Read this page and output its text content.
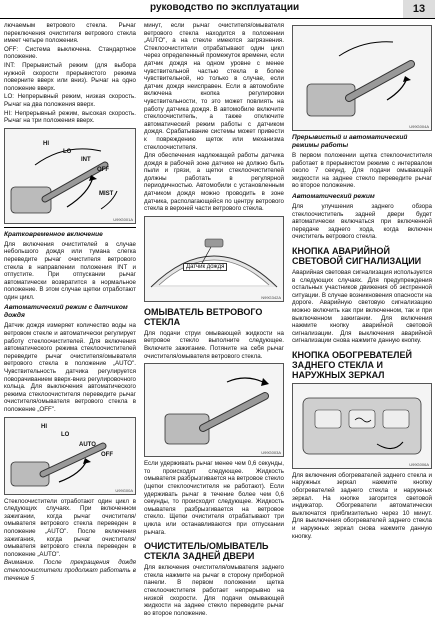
руководство по эксплуатации	13

лючаемым ветрового стекла. Рычаг переключения очистителя ветрового стекла имеет четыре положения.

OFF: Система выключена. Стандартное положение.

INT: Прерывистый режим (для выбора нужной скорости прерывистого режима поверните вверх или вниз). Рычаг на одно положение вверх.

LO: Непрерывный режим, низкая скорость. Рычаг на два положения вверх.

HI: Непрерывный режим, высокая скорость. Рычаг на три положения вверх.

HI
LO
INT
OFF
MIST
U99G001A
Кратковременное включение

Для включения очистителей в случае небольшого дождя или тумана слегка переведите рычаг очистителя ветрового стекла в направлении положения INT и отпустите. При отпускании рычаг автоматически возвратится в нормальное положение. В этом случае щетки отработают один цикл.

Автоматический режим с датчиком дождя

Датчик дождя измеряет количество воды на ветровом стекле и автоматически регулирует работу стеклоочистителей. Для включения автоматического режима стеклоочистителей переведите рычаг очистителя/омывателя ветрового стекла в положение „AUTO". Чувствительность датчика регулируется поворачиванием вверх-вниз регулировочного кольца. Для выключения автоматического режима стеклоочистителя переведите рычаг очистителя/омывателя ветрового стекла в положение „OFF".

HI
LO
AUTO
OFF
U99G00A

Стеклоочистители отработают один цикл в следующих случаях. При включенном зажигании, когда рычаг очистителя/омывателя ветрового стекла переведен в положение „AUTO". После включения зажигания, когда рычаг очистителя/омывателя ветрового стекла переведен в положение „AUTO".

Внимание. После прекращения дождя стеклоочистители продолжат работать в течение 5

минут, если рычаг очистителя/омывателя ветрового стекла находится в положении „AUTO", а на стекле имеются загрязнения. Стеклоочистители отрабатывают один цикл через определенный промежуток времени, если датчик дождя на одном уровне с менее чувствительной частью стекла в более чувствительной, но только в случае, если датчик дождя неисправен. Если в автомобиле включена кнопка регулировки чувствительности, то это может повлиять на работу датчика дождя. В автомобиле включите стеклоочиститель, а также отключите автоматический режим работы с датчиком дождя. Срабатывание системы может привести к повреждению щеток или механизма стеклоочистителя.

Для обеспечения надлежащей работы датчика дождя в рабочей зоне датчике не должно быть пыли и грязи, а щетки стеклоочистителей должны работать в регулярной периодичностью. Автомобили с установленным датчиком дождя можно проводить в зоне датчика, располагающейся по центру ветрового стекла в верхней части ветрового стекла.

Датчик дождя
N99G342A
ОМЫВАТЕЛЬ ВЕТРОВОГО СТЕКЛА

Для подачи струи омывающей жидкости на ветровое стекло выполните следующее. Включите зажигание. Потяните на себя рычаг очистителя/омывателя ветрового стекла.

U99G003A

Если удерживать рычаг менее чем 0,6 секунды, то происходит следующее. Жидкость омывателя разбрызгивается на ветровое стекло (щетки стеклоочистителя не работают). Если удерживать рычаг в течение более чем 0,6 секунды, то происходит следующее. Жидкость омывателя разбрызгивается на ветровое стекло. Щетки очистителя отрабатывают три цикла или останавливаются при отпускании рычага.

ОЧИСТИТЕЛЬ/ОМЫВАТЕЛЬ СТЕКЛА ЗАДНЕЙ ДВЕРИ

Для включения очистителя/омывателя заднего стекла нажмите на рычаг в сторону приборной панели. В первом положении щетка стеклоочистителя работает непрерывно на низкой скорости. Для подачи омывающей жидкости на заднее стекло переведите рычаг во второе положение.

U99G004A
Прерывистый и автоматический режимы работы

В первом положении щетка стеклоочистителя работает в прерывистом режиме с интервалом около 7 секунд. Для подачи омывающей жидкости на заднее стекло переведите рычаг во второе положение.

Автоматический режим

Для улучшения заднего обзора стеклоочиститель задней двери будет автоматически включаться при включенной передаче заднего хода, когда включен очиститель ветрового стекла.

КНОПКА АВАРИЙНОЙ СВЕТОВОЙ СИГНАЛИЗАЦИИ

Аварийная световая сигнализация используется в следующих случаях. Для предупреждения остальных участников движения об экстренной ситуации. В случае возникновения опасности на дороге. Аварийную световую сигнализацию можно включить как при включенном, так и при выключенном зажигании. Для включения нажмите кнопку аварийной световой сигнализации. Для выключения аварийной сигнализации снова нажмите данную кнопку.

КНОПКА ОБОГРЕВАТЕЛЕЙ ЗАДНЕГО СТЕКЛА И НАРУЖНЫХ ЗЕРКАЛ
U99G006A

Для включения обогревателей заднего стекла и наружных зеркал нажмите кнопку обогревателей заднего стекла и наружных зеркал. На кнопке загорится световой индикатор. Обогреватели автоматически выключатся приблизительно через 10 минут. Для выключения обогревателей заднего стекла и наружных зеркал снова нажмите данную кнопку.
